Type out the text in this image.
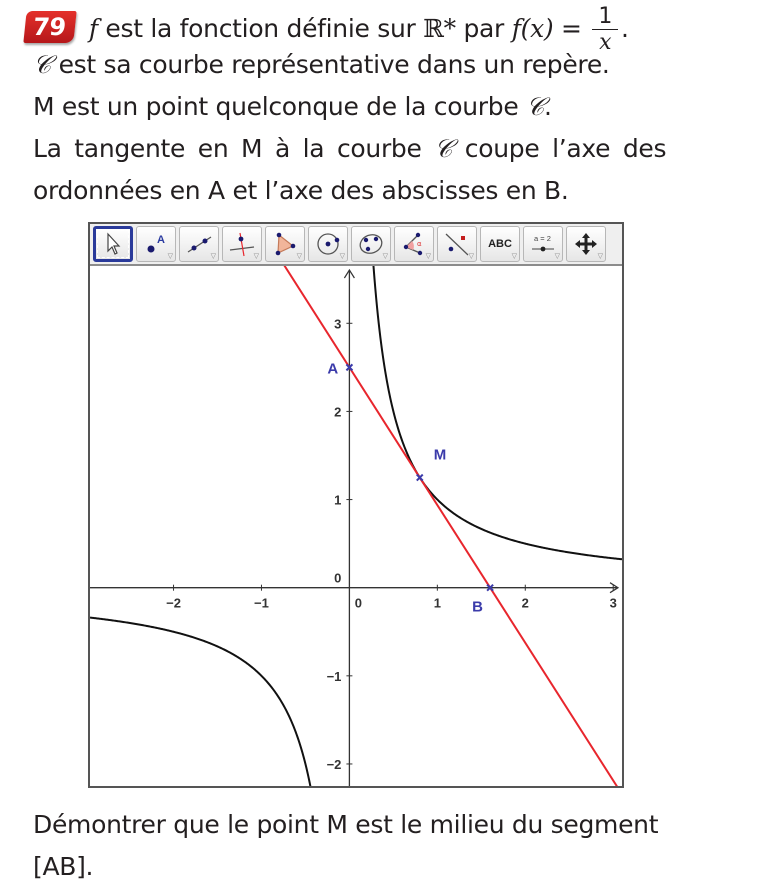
79 f est la fonction définie sur ℝ* par $f(x) = \frac{1}{x}$ .
𝒞 est sa courbe représentative dans un repère.
M est un point quelconque de la courbe 𝒞.
La tangente en M à la courbe 𝒞 coupe l’axe des
ordonnées en A et l’axe des abscisses en B.
A
▽	▽	▽	▽	▽	▽
α
▽	▽
ABC
▽
a = 2
▽	▽
−2	−1	0	1	2	3
−2
−1
0
1
2
3
M
A
B
Démontrer que le point M est le milieu du segment
[AB].
